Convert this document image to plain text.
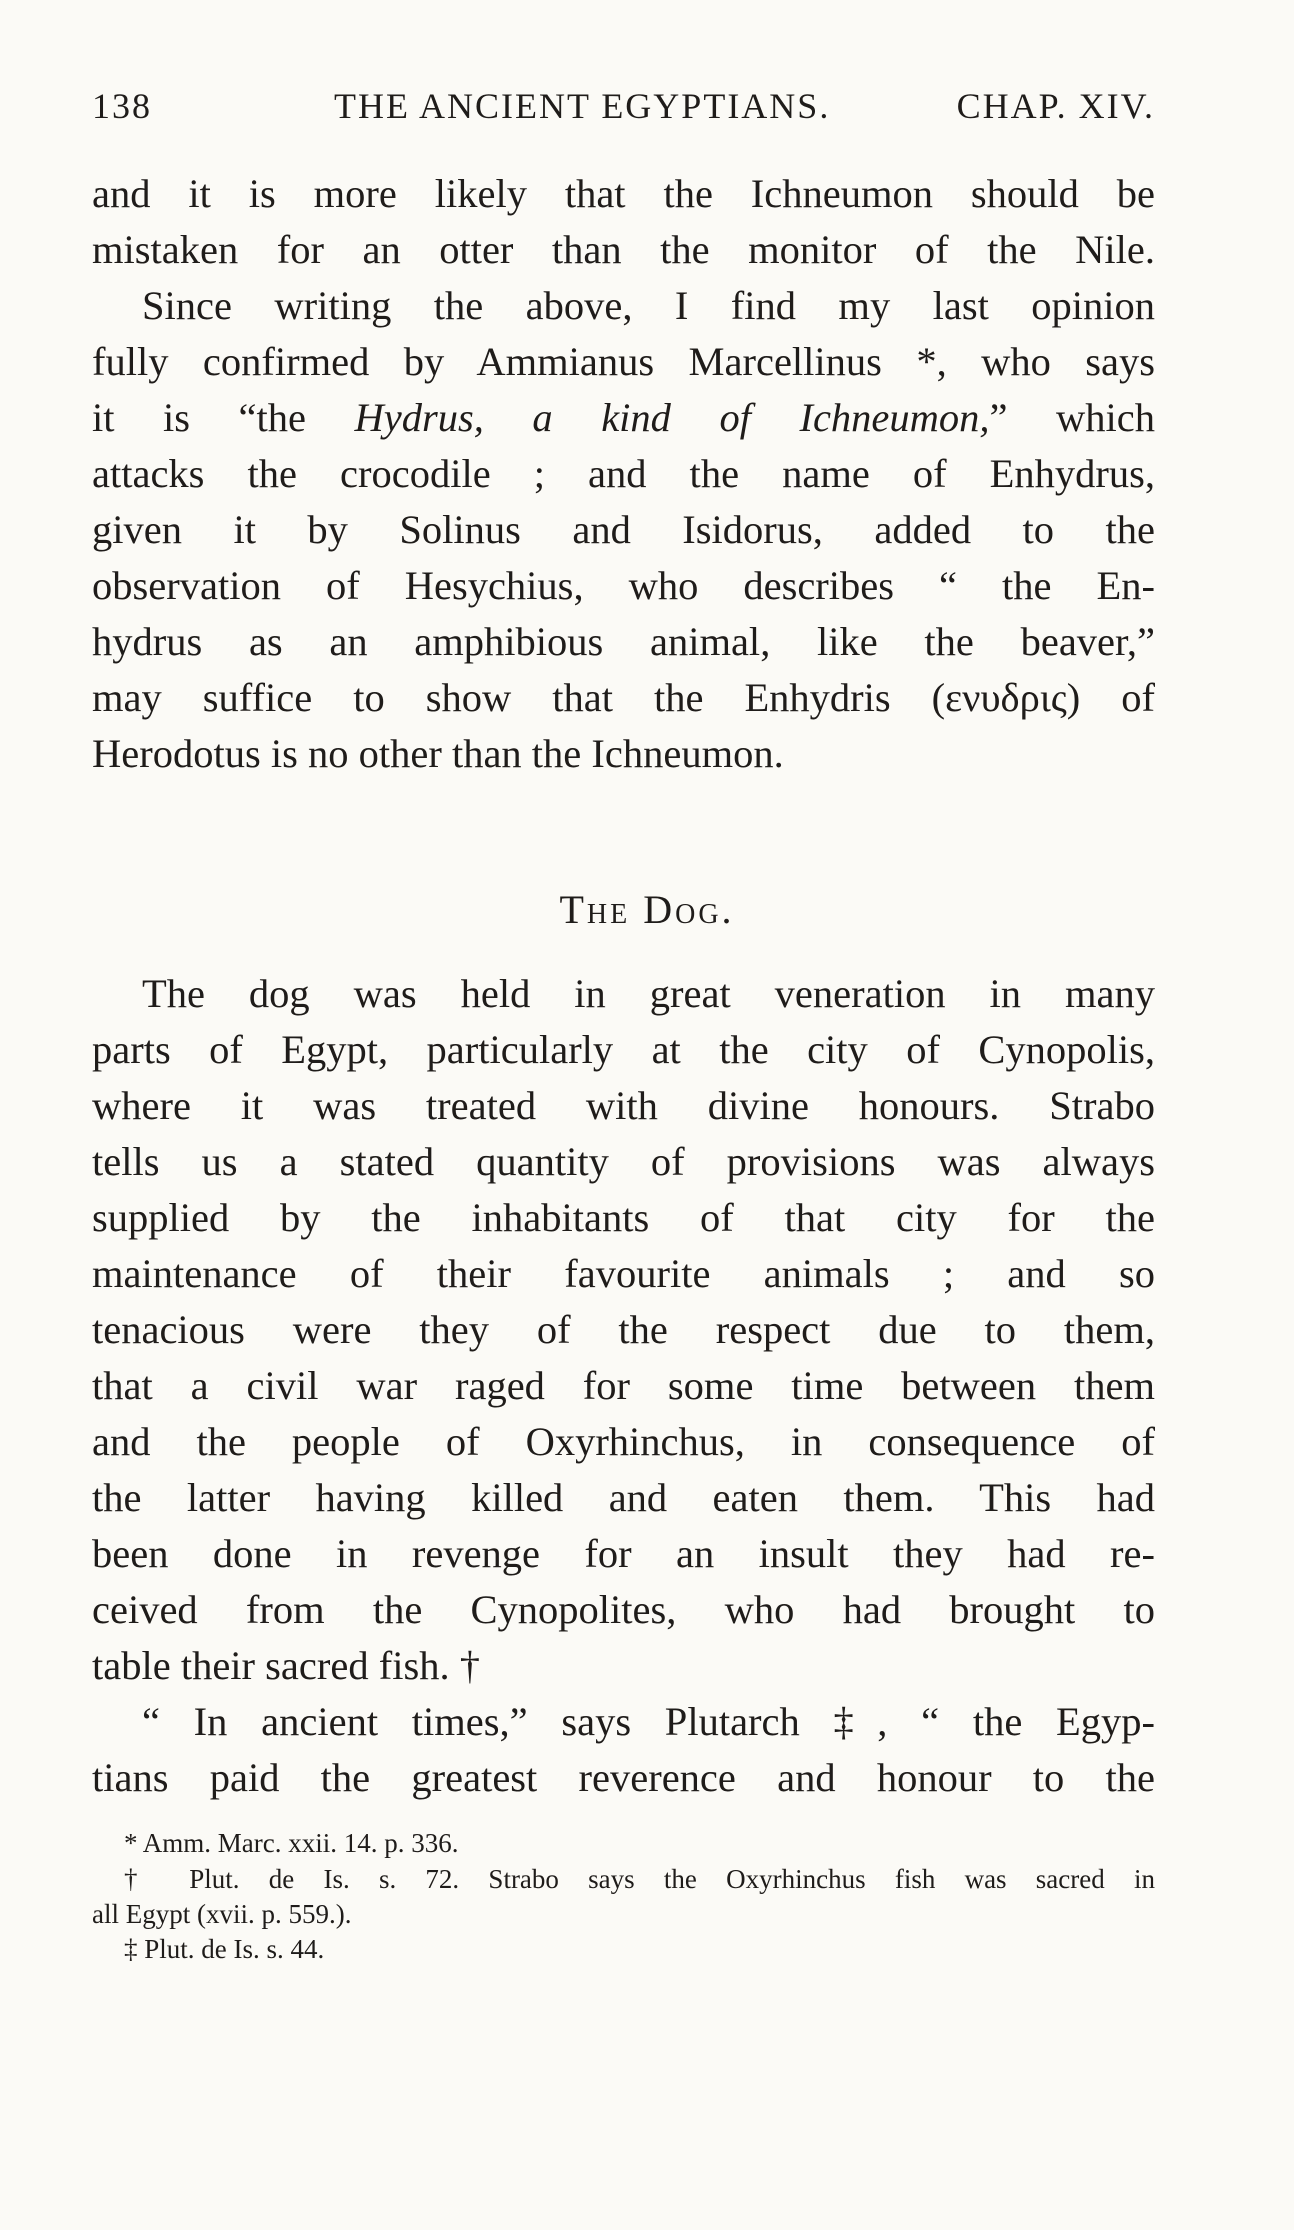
138	THE ANCIENT EGYPTIANS.	CHAP. XIV.
and it is more likely that the Ichneumon should be
mistaken for an otter than the monitor of the Nile.
Since writing the above, I find my last opinion
fully confirmed by Ammianus Marcellinus *, who says
it is “the Hydrus, a kind of Ichneumon,” which
attacks the crocodile ; and the name of Enhydrus,
given it by Solinus and Isidorus, added to the
observation of Hesychius, who describes “ the En-
hydrus as an amphibious animal, like the beaver,”
may suffice to show that the Enhydris (ενυδρις) of
Herodotus is no other than the Ichneumon.
The Dog.
The dog was held in great veneration in many
parts of Egypt, particularly at the city of Cynopolis,
where it was treated with divine honours. Strabo
tells us a stated quantity of provisions was always
supplied by the inhabitants of that city for the
maintenance of their favourite animals ; and so
tenacious were they of the respect due to them,
that a civil war raged for some time between them
and the people of Oxyrhinchus, in consequence of
the latter having killed and eaten them. This had
been done in revenge for an insult they had re-
ceived from the Cynopolites, who had brought to
table their sacred fish. †
“ In ancient times,” says Plutarch ‡, “ the Egyp-
tians paid the greatest reverence and honour to the
* Amm. Marc. xxii. 14. p. 336.
† Plut. de Is. s. 72. Strabo says the Oxyrhinchus fish was sacred in
all Egypt (xvii. p. 559.).
‡ Plut. de Is. s. 44.
